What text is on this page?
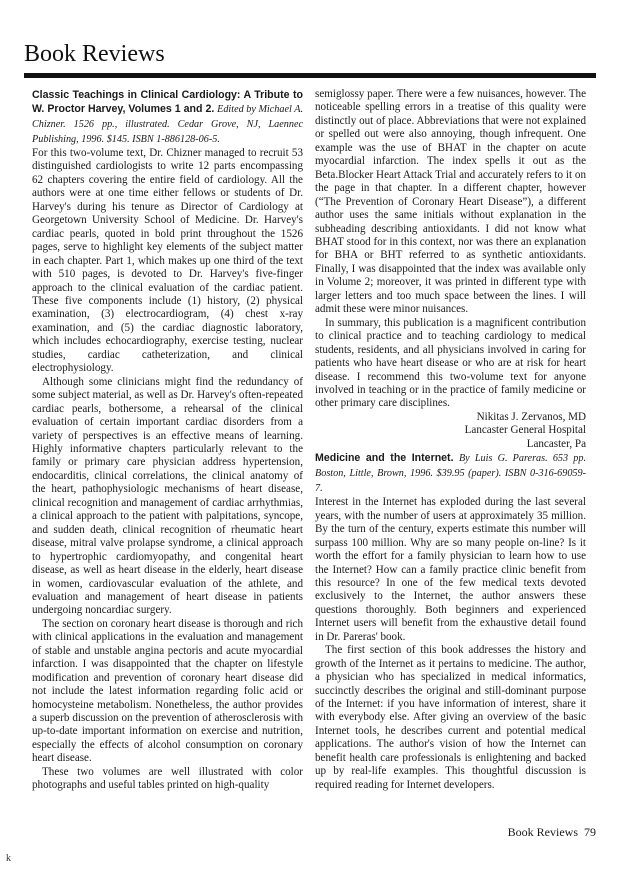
Book Reviews

Classic Teachings in Clinical Cardiology: A Tribute to W. Proctor Harvey, Volumes 1 and 2. Edited by Michael A. Chizner. 1526 pp., illustrated. Cedar Grove, NJ, Laennec Publishing, 1996. $145. ISBN 1-886128-06-5.

For this two-volume text, Dr. Chizner managed to recruit 53 distinguished cardiologists to write 12 parts encompassing 62 chapters covering the entire field of cardiology. All the authors were at one time either fellows or students of Dr. Harvey's during his tenure as Director of Cardiology at Georgetown University School of Medicine. Dr. Harvey's cardiac pearls, quoted in bold print throughout the 1526 pages, serve to highlight key elements of the subject matter in each chapter. Part 1, which makes up one third of the text with 510 pages, is devoted to Dr. Harvey's five-finger approach to the clinical evaluation of the cardiac patient. These five components include (1) history, (2) physical examination, (3) electrocardiogram, (4) chest x-ray examination, and (5) the cardiac diagnostic laboratory, which includes echocardiography, exercise testing, nuclear studies, cardiac catheterization, and clinical electrophysiology.

Although some clinicians might find the redundancy of some subject material, as well as Dr. Harvey's often-repeated cardiac pearls, bothersome, a rehearsal of the clinical evaluation of certain important cardiac disorders from a variety of perspectives is an effective means of learning. Highly informative chapters particularly relevant to the family or primary care physician address hypertension, endocarditis, clinical correlations, the clinical anatomy of the heart, pathophysiologic mechanisms of heart disease, clinical recognition and management of cardiac arrhythmias, a clinical approach to the patient with palpitations, syncope, and sudden death, clinical recognition of rheumatic heart disease, mitral valve prolapse syndrome, a clinical approach to hypertrophic cardiomyopathy, and congenital heart disease, as well as heart disease in the elderly, heart disease in women, cardiovascular evaluation of the athlete, and evaluation and management of heart disease in patients undergoing noncardiac surgery.

The section on coronary heart disease is thorough and rich with clinical applications in the evaluation and management of stable and unstable angina pectoris and acute myocardial infarction. I was disappointed that the chapter on lifestyle modification and prevention of coronary heart disease did not include the latest information regarding folic acid or homocysteine metabolism. Nonetheless, the author provides a superb discussion on the prevention of atherosclerosis with up-to-date important information on exercise and nutrition, especially the effects of alcohol consumption on coronary heart disease.

These two volumes are well illustrated with color photographs and useful tables printed on high-quality

semiglossy paper. There were a few nuisances, however. The noticeable spelling errors in a treatise of this quality were distinctly out of place. Abbreviations that were not explained or spelled out were also annoying, though infrequent. One example was the use of BHAT in the chapter on acute myocardial infarction. The index spells it out as the Beta.Blocker Heart Attack Trial and accurately refers to it on the page in that chapter. In a different chapter, however (“The Prevention of Coronary Heart Disease”), a different author uses the same initials without explanation in the subheading describing antioxidants. I did not know what BHAT stood for in this context, nor was there an explanation for BHA or BHT referred to as synthetic antioxidants. Finally, I was disappointed that the index was available only in Volume 2; moreover, it was printed in different type with larger letters and too much space between the lines. I will admit these were minor nuisances.

In summary, this publication is a magnificent contribution to clinical practice and to teaching cardiology to medical students, residents, and all physicians involved in caring for patients who have heart disease or who are at risk for heart disease. I recommend this two-volume text for anyone involved in teaching or in the practice of family medicine or other primary care disciplines.

Nikitas J. Zervanos, MD
Lancaster General Hospital
Lancaster, Pa

Medicine and the Internet. By Luis G. Pareras. 653 pp. Boston, Little, Brown, 1996. $39.95 (paper). ISBN 0-316-69059-7.

Interest in the Internet has exploded during the last several years, with the number of users at approximately 35 million. By the turn of the century, experts estimate this number will surpass 100 million. Why are so many people on-line? Is it worth the effort for a family physician to learn how to use the Internet? How can a family practice clinic benefit from this resource? In one of the few medical texts devoted exclusively to the Internet, the author answers these questions thoroughly. Both beginners and experienced Internet users will benefit from the exhaustive detail found in Dr. Pareras' book.

The first section of this book addresses the history and growth of the Internet as it pertains to medicine. The author, a physician who has specialized in medical informatics, succinctly describes the original and still-dominant purpose of the Internet: if you have information of interest, share it with everybody else. After giving an overview of the basic Internet tools, he describes current and potential medical applications. The author's vision of how the Internet can benefit health care professionals is enlightening and backed up by real-life examples. This thoughtful discussion is required reading for Internet developers.

Book Reviews 79
k
